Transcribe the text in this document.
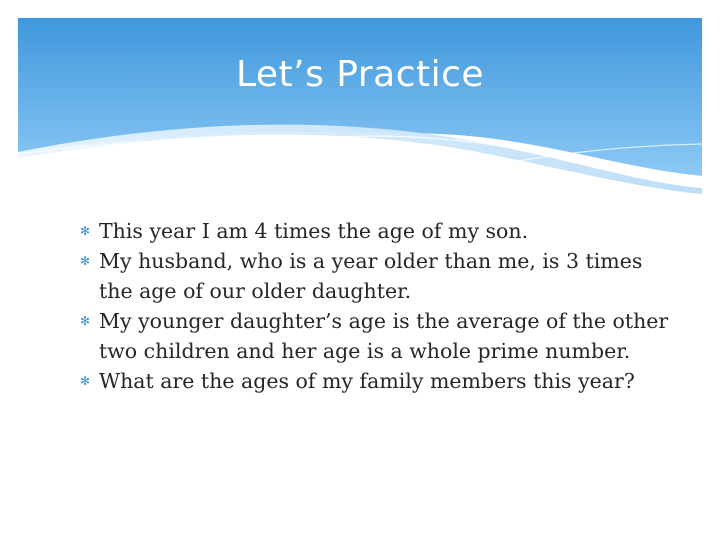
Let’s Practice
✻ This year I am 4 times the age of my son.
✻ My husband, who is a year older than me, is 3 times the age of our older daughter.
✻ My younger daughter’s age is the average of the other two children and her age is a whole prime number.
✻ What are the ages of my family members this year?
